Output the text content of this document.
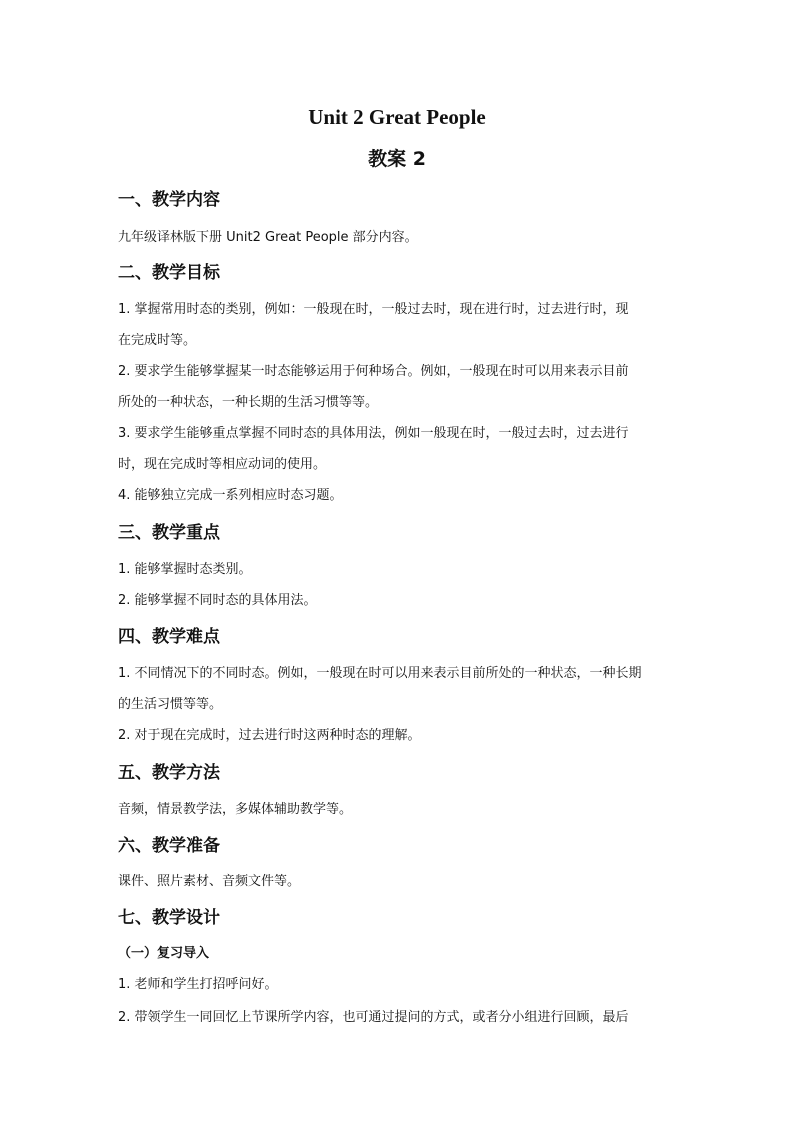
Unit 2 Great People
教案 2
一、教学内容
九年级译林版下册 Unit2 Great People 部分内容。
二、教学目标
1. 掌握常用时态的类别，例如：一般现在时，一般过去时，现在进行时，过去进行时，现
在完成时等。
2. 要求学生能够掌握某一时态能够运用于何种场合。例如，一般现在时可以用来表示目前
所处的一种状态，一种长期的生活习惯等等。
3. 要求学生能够重点掌握不同时态的具体用法，例如一般现在时，一般过去时，过去进行
时，现在完成时等相应动词的使用。
4. 能够独立完成一系列相应时态习题。
三、教学重点
1. 能够掌握时态类别。
2. 能够掌握不同时态的具体用法。
四、教学难点
1. 不同情况下的不同时态。例如，一般现在时可以用来表示目前所处的一种状态，一种长期
的生活习惯等等。
2. 对于现在完成时，过去进行时这两种时态的理解。
五、教学方法
音频，情景教学法，多媒体辅助教学等。
六、教学准备
课件、照片素材、音频文件等。
七、教学设计
（一）复习导入
1. 老师和学生打招呼问好。
2. 带领学生一同回忆上节课所学内容，也可通过提问的方式，或者分小组进行回顾，最后
